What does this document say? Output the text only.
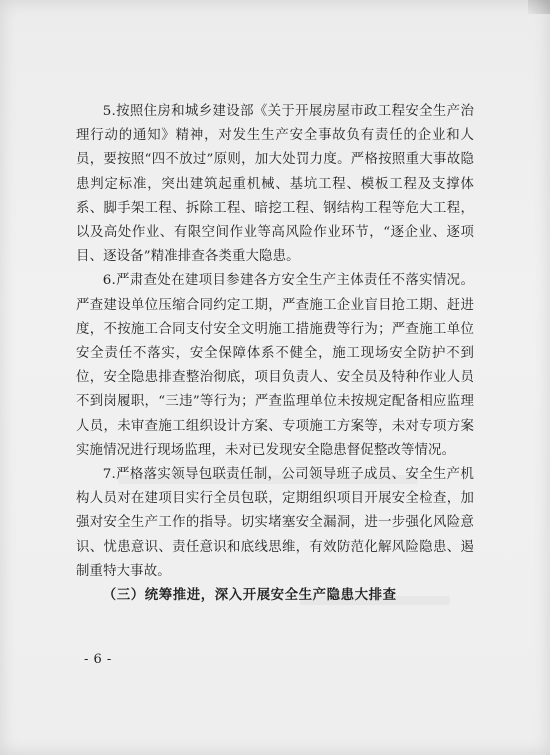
5.按照住房和城乡建设部《关于开展房屋市政工程安全生产治理行动的通知》精神，对发生生产安全事故负有责任的企业和人员，要按照“四不放过”原则，加大处罚力度。严格按照重大事故隐患判定标准，突出建筑起重机械、基坑工程、模板工程及支撑体系、脚手架工程、拆除工程、暗挖工程、钢结构工程等危大工程，以及高处作业、有限空间作业等高风险作业环节，“逐企业、逐项目、逐设备”精准排查各类重大隐患。

6.严肃查处在建项目参建各方安全生产主体责任不落实情况。严查建设单位压缩合同约定工期，严查施工企业盲目抢工期、赶进度，不按施工合同支付安全文明施工措施费等行为；严查施工单位安全责任不落实，安全保障体系不健全，施工现场安全防护不到位，安全隐患排查整治彻底，项目负责人、安全员及特种作业人员不到岗履职，“三违”等行为；严查监理单位未按规定配备相应监理人员，未审查施工组织设计方案、专项施工方案等，未对专项方案实施情况进行现场监理，未对已发现安全隐患督促整改等情况。

7.严格落实领导包联责任制，公司领导班子成员、安全生产机构人员对在建项目实行全员包联，定期组织项目开展安全检查，加强对安全生产工作的指导。切实堵塞安全漏洞，进一步强化风险意识、忧患意识、责任意识和底线思维，有效防范化解风险隐患、遏制重特大事故。

（三）统筹推进，深入开展安全生产隐患大排查

- 6 -
